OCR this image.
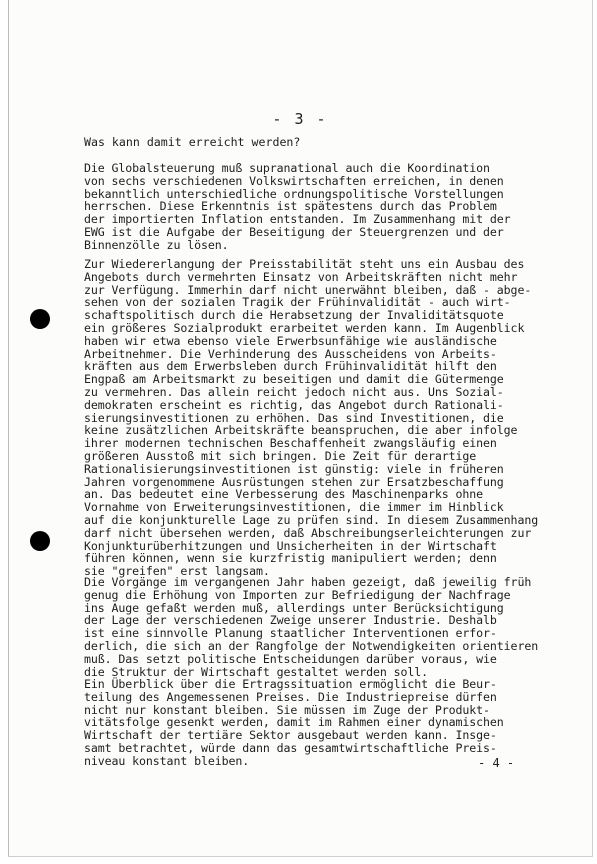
- 3 -
Was kann damit erreicht werden?
Die Globalsteuerung muß supranational auch die Koordination
von sechs verschiedenen Volkswirtschaften erreichen, in denen
bekanntlich unterschiedliche ordnungspolitische Vorstellungen
herrschen. Diese Erkenntnis ist spätestens durch das Problem
der importierten Inflation entstanden. Im Zusammenhang mit der
EWG ist die Aufgabe der Beseitigung der Steuergrenzen und der
Binnenzölle zu lösen.
Zur Wiedererlangung der Preisstabilität steht uns ein Ausbau des
Angebots durch vermehrten Einsatz von Arbeitskräften nicht mehr
zur Verfügung. Immerhin darf nicht unerwähnt bleiben, daß - abge-
sehen von der sozialen Tragik der Frühinvalidität - auch wirt-
schaftspolitisch durch die Herabsetzung der Invaliditätsquote
ein größeres Sozialprodukt erarbeitet werden kann. Im Augenblick
haben wir etwa ebenso viele Erwerbsunfähige wie ausländische
Arbeitnehmer. Die Verhinderung des Ausscheidens von Arbeits-
kräften aus dem Erwerbsleben durch Frühinvalidität hilft den
Engpaß am Arbeitsmarkt zu beseitigen und damit die Gütermenge
zu vermehren. Das allein reicht jedoch nicht aus. Uns Sozial-
demokraten erscheint es richtig, das Angebot durch Rationali-
sierungsinvestitionen zu erhöhen. Das sind Investitionen, die
keine zusätzlichen Arbeitskräfte beanspruchen, die aber infolge
ihrer modernen technischen Beschaffenheit zwangsläufig einen
größeren Ausstoß mit sich bringen. Die Zeit für derartige
Rationalisierungsinvestitionen ist günstig: viele in früheren
Jahren vorgenommene Ausrüstungen stehen zur Ersatzbeschaffung
an. Das bedeutet eine Verbesserung des Maschinenparks ohne
Vornahme von Erweiterungsinvestitionen, die immer im Hinblick
auf die konjunkturelle Lage zu prüfen sind. In diesem Zusammenhang
darf nicht übersehen werden, daß Abschreibungserleichterungen zur
Konjunkturüberhitzungen und Unsicherheiten in der Wirtschaft
führen können, wenn sie kurzfristig manipuliert werden; denn
sie "greifen" erst langsam.
Die Vorgänge im vergangenen Jahr haben gezeigt, daß jeweilig früh
genug die Erhöhung von Importen zur Befriedigung der Nachfrage
ins Auge gefaßt werden muß, allerdings unter Berücksichtigung
der Lage der verschiedenen Zweige unserer Industrie. Deshalb
ist eine sinnvolle Planung staatlicher Interventionen erfor-
derlich, die sich an der Rangfolge der Notwendigkeiten orientieren
muß. Das setzt politische Entscheidungen darüber voraus, wie
die Struktur der Wirtschaft gestaltet werden soll.
Ein Überblick über die Ertragssituation ermöglicht die Beur-
teilung des Angemessenen Preises. Die Industriepreise dürfen
nicht nur konstant bleiben. Sie müssen im Zuge der Produkt-
vitätsfolge gesenkt werden, damit im Rahmen einer dynamischen
Wirtschaft der tertiäre Sektor ausgebaut werden kann. Insge-
samt betrachtet, würde dann das gesamtwirtschaftliche Preis-
niveau konstant bleiben.	- 4 -
